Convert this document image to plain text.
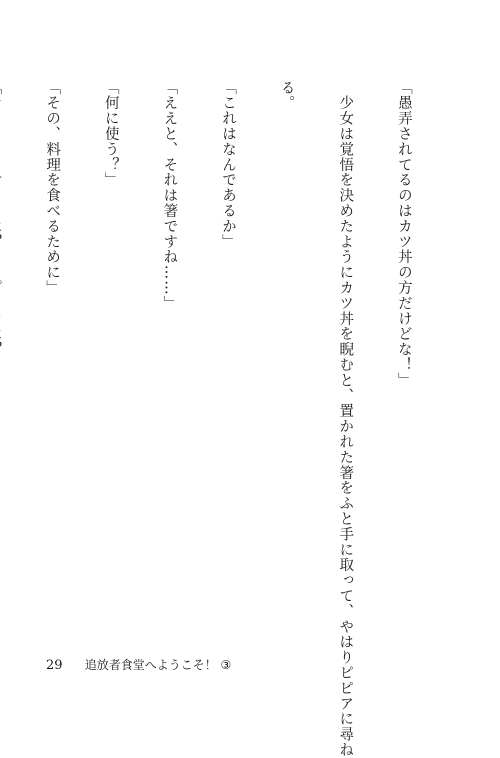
「愚弄されてるのはカツ丼の方だけどな！」

　少女は覚悟を決めたようにカツ丼を睨むと、置かれた箸をふと手に取って、やはりピピアに尋ね

る。

「これはなんであるか」

「ええと、それは箸ですね……」

「何に使う？」

「その、料理を食べるために」

29 追放者食堂へようこそ！ ③
